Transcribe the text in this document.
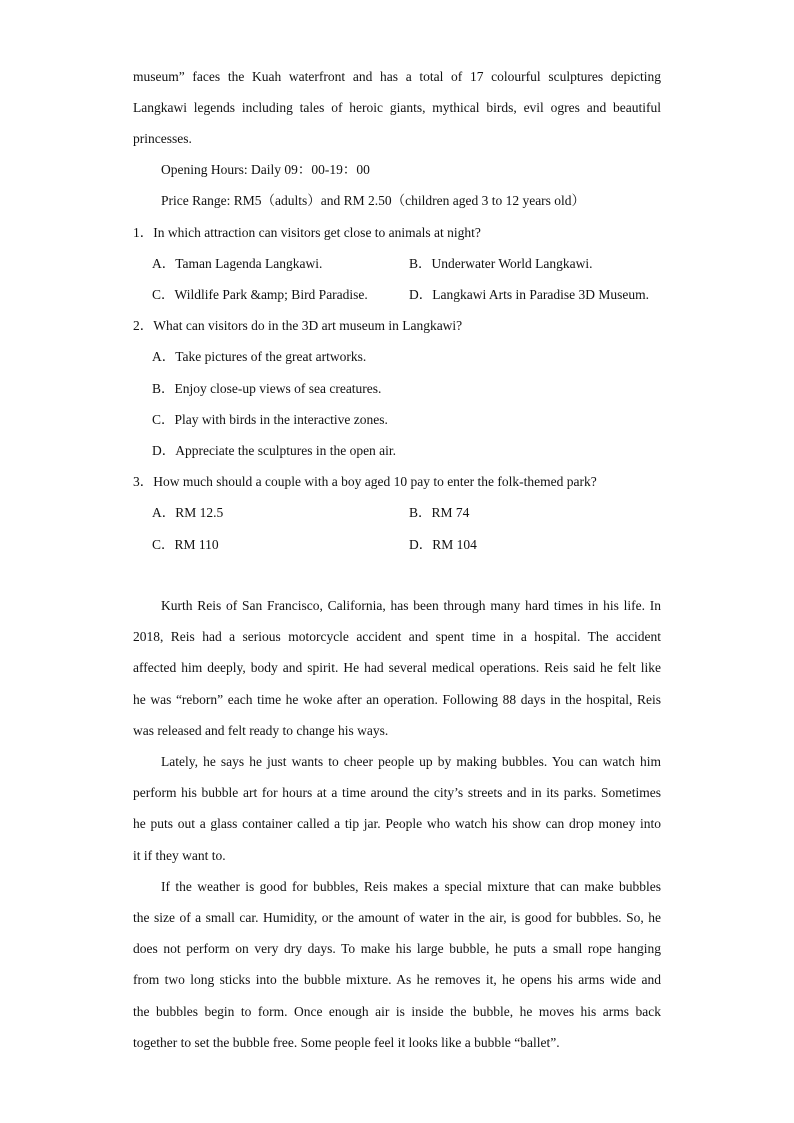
museum” faces the Kuah waterfront and has a total of 17 colourful sculptures depicting
Langkawi legends including tales of heroic giants, mythical birds, evil ogres and beautiful
princesses.
Opening Hours: Daily 09：00-19：00
Price Range: RM5（adults）and RM 2.50（children aged 3 to 12 years old）
1．In which attraction can visitors get close to animals at night?
A．Taman Lagenda Langkawi.	B．Underwater World Langkawi.
C．Wildlife Park &amp; Bird Paradise.	D．Langkawi Arts in Paradise 3D Museum.
2．What can visitors do in the 3D art museum in Langkawi?
A．Take pictures of the great artworks.
B．Enjoy close-up views of sea creatures.
C．Play with birds in the interactive zones.
D．Appreciate the sculptures in the open air.
3．How much should a couple with a boy aged 10 pay to enter the folk-themed park?
A．RM 12.5	B．RM 74
C．RM 110	D．RM 104
Kurth Reis of San Francisco, California, has been through many hard times in his life. In
2018, Reis had a serious motorcycle accident and spent time in a hospital. The accident
affected him deeply, body and spirit. He had several medical operations. Reis said he felt like
he was “reborn” each time he woke after an operation. Following 88 days in the hospital, Reis
was released and felt ready to change his ways.
Lately, he says he just wants to cheer people up by making bubbles. You can watch him
perform his bubble art for hours at a time around the city’s streets and in its parks. Sometimes
he puts out a glass container called a tip jar. People who watch his show can drop money into
it if they want to.
If the weather is good for bubbles, Reis makes a special mixture that can make bubbles
the size of a small car. Humidity, or the amount of water in the air, is good for bubbles. So, he
does not perform on very dry days. To make his large bubble, he puts a small rope hanging
from two long sticks into the bubble mixture. As he removes it, he opens his arms wide and
the bubbles begin to form. Once enough air is inside the bubble, he moves his arms back
together to set the bubble free. Some people feel it looks like a bubble “ballet”.
